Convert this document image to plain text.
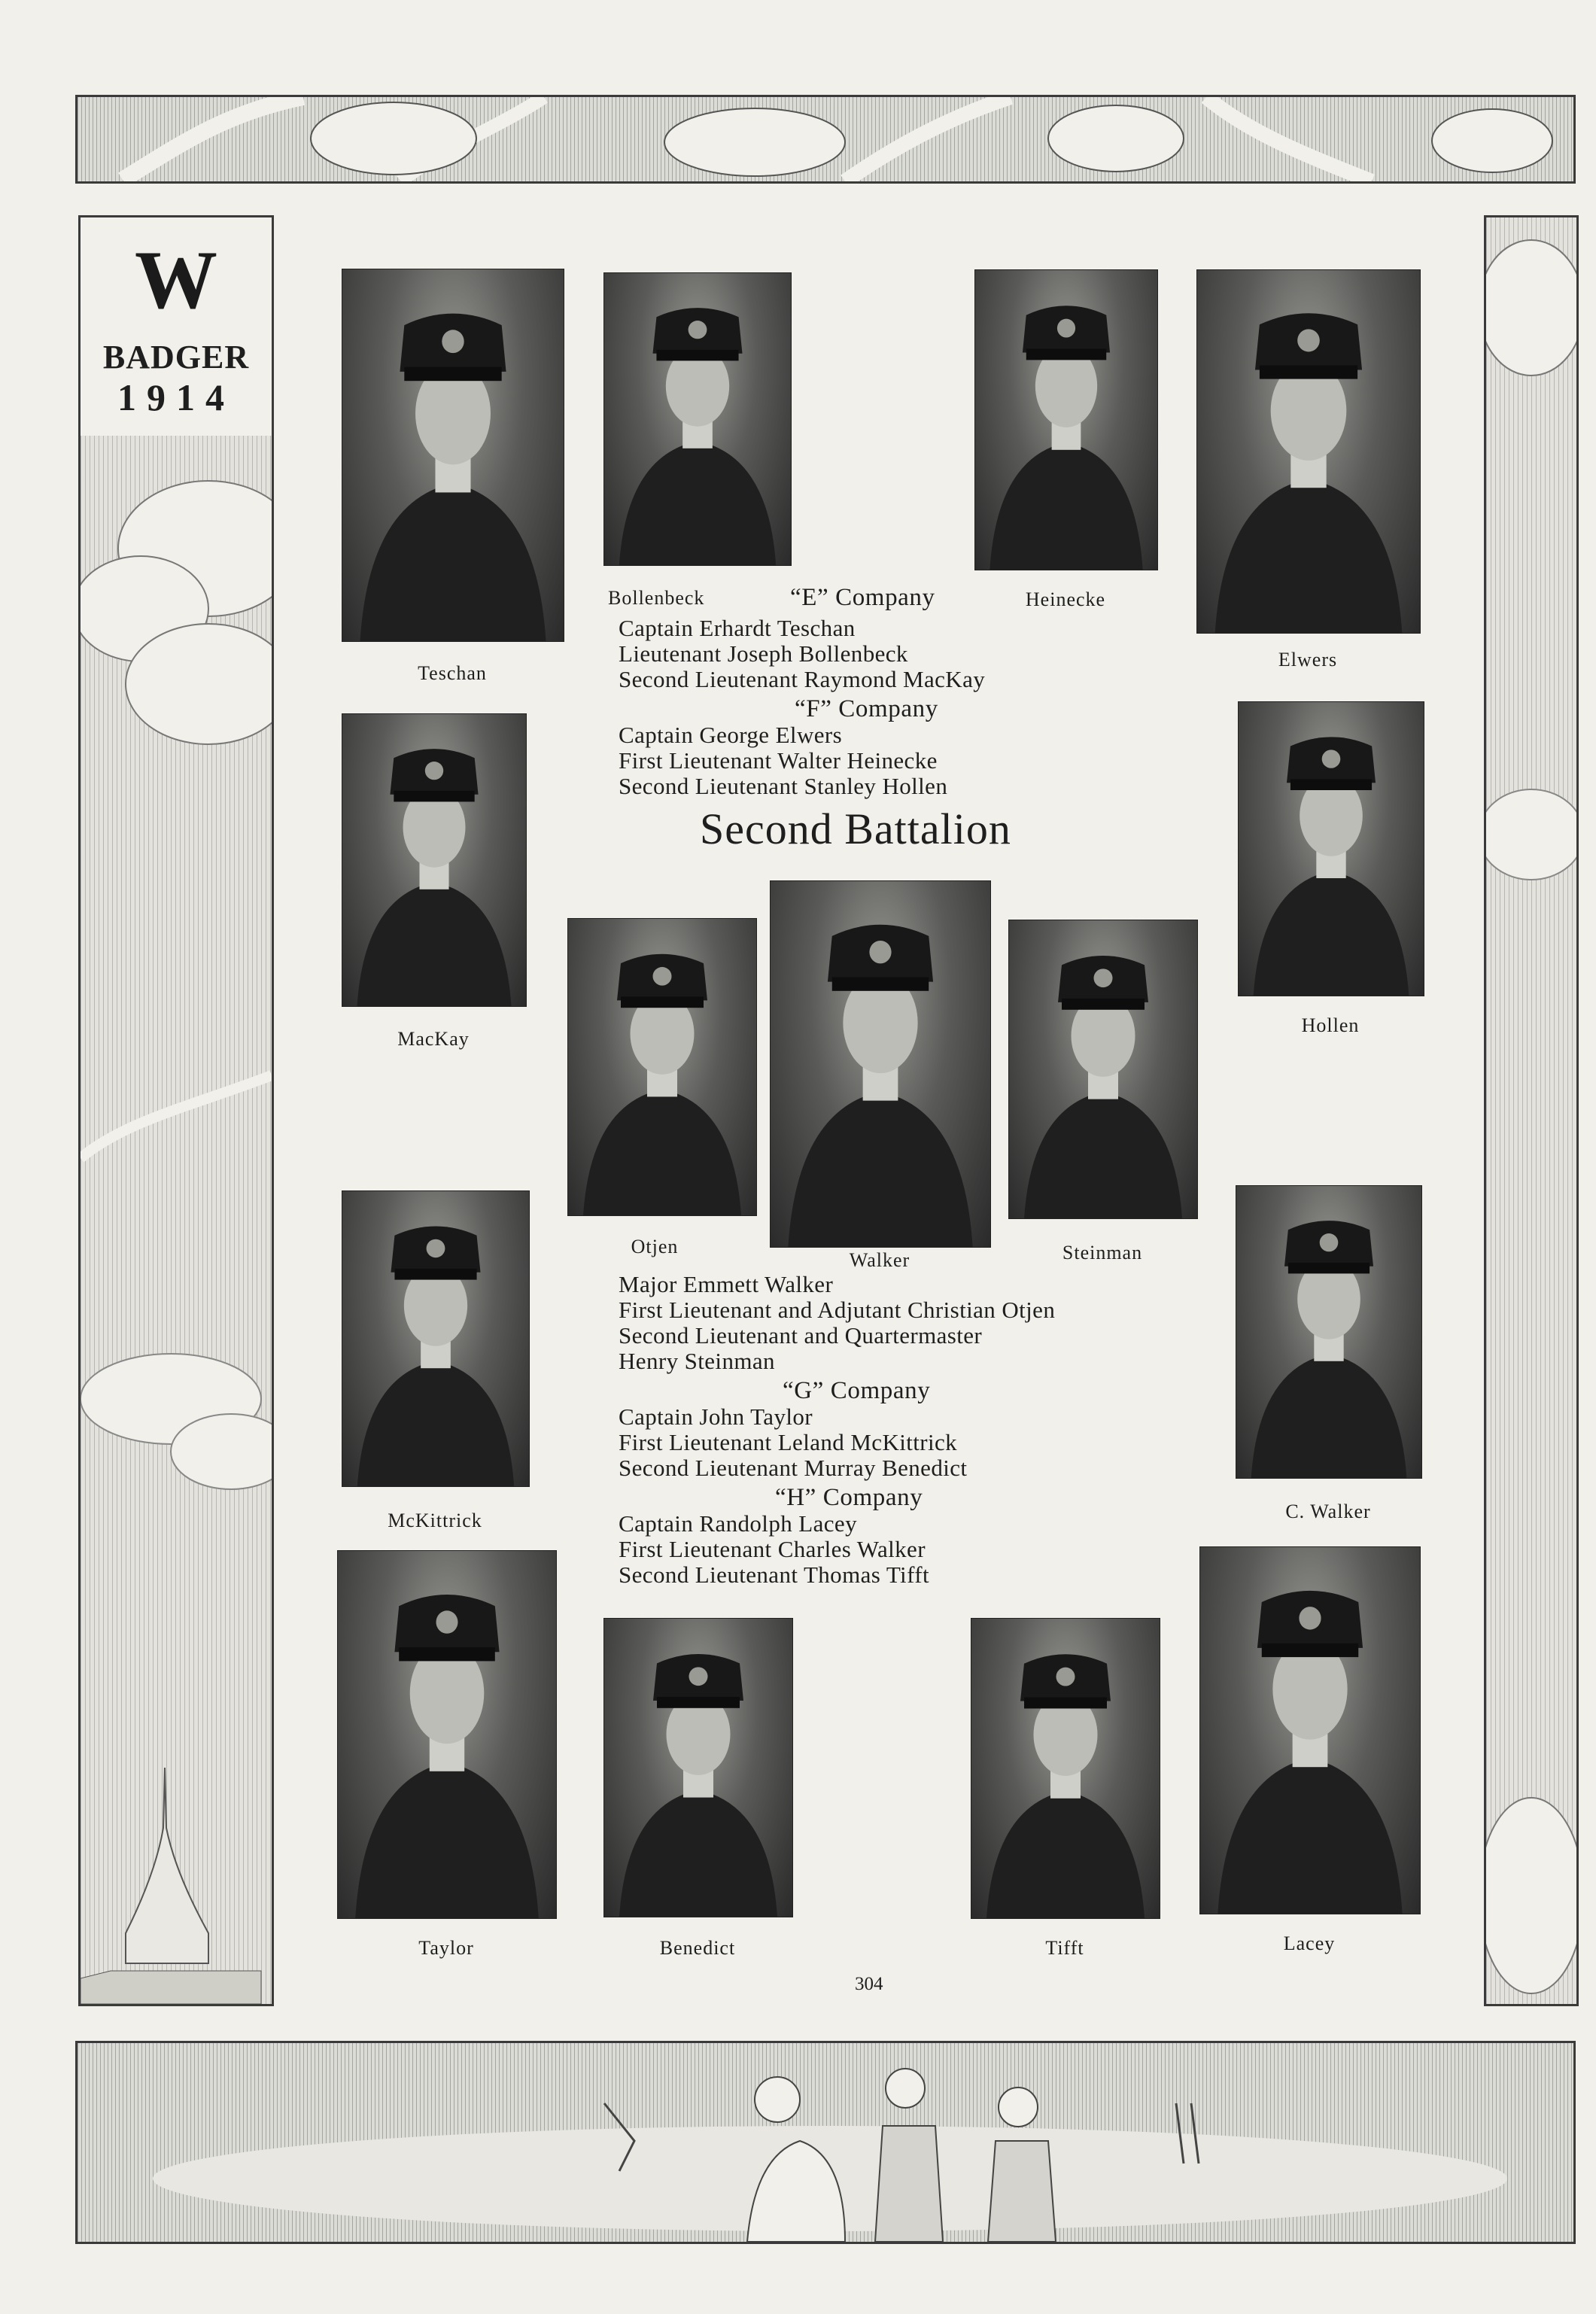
W
BADGER
1914
Teschan
Bollenbeck	Heinecke
Elwers
MacKay
Hollen
Otjen
Walker	Steinman
McKittrick	C. Walker
Taylor	Benedict	Tifft	Lacey
“E” Company
Captain Erhardt Teschan
Lieutenant Joseph Bollenbeck
Second Lieutenant Raymond MacKay
“F” Company
Captain George Elwers
First Lieutenant Walter Heinecke
Second Lieutenant Stanley Hollen
Second Battalion
Major Emmett Walker
First Lieutenant and Adjutant Christian Otjen
Second Lieutenant and Quartermaster
Henry Steinman
“G” Company
Captain John Taylor
First Lieutenant Leland McKittrick
Second Lieutenant Murray Benedict
“H” Company
Captain Randolph Lacey
First Lieutenant Charles Walker
Second Lieutenant Thomas Tifft
304
